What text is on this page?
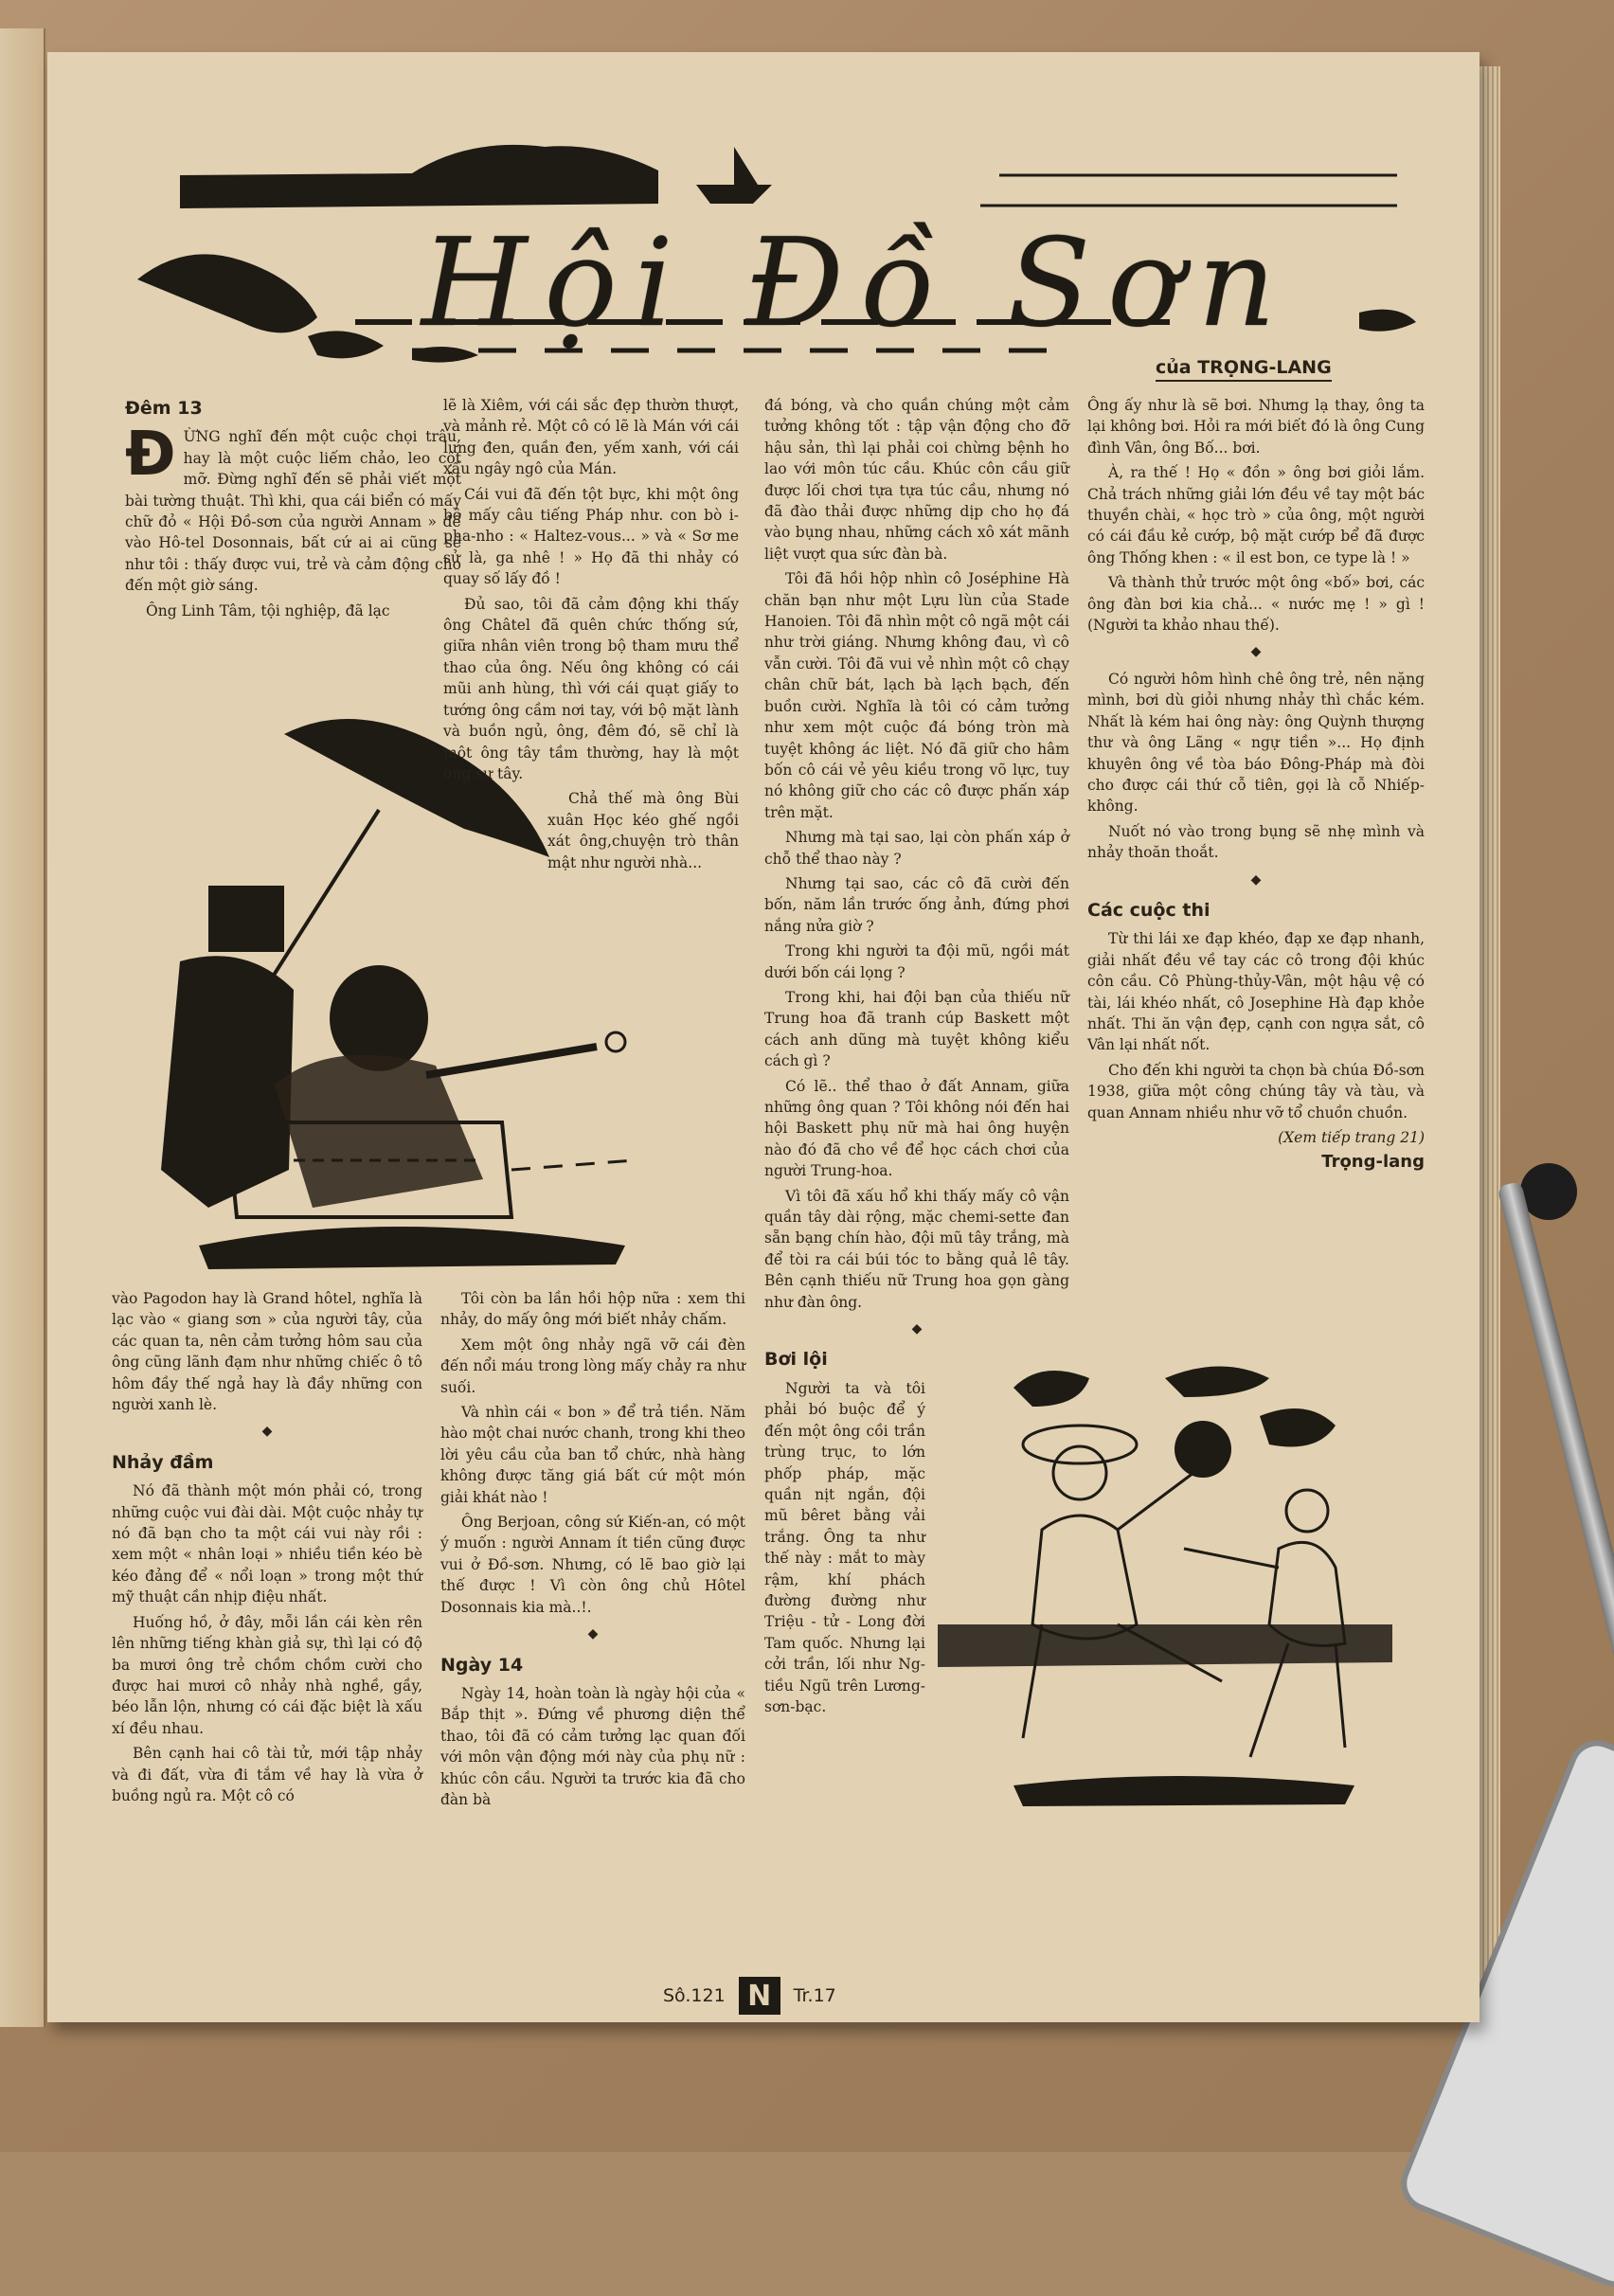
Hội Đồ Sơn
của TRỌNG-LANG
Đêm 13

ĐỪNG nghĩ đến một cuộc chọi trâu, hay là một cuộc liếm chảo, leo cột mỡ. Đừng nghĩ đến sẽ phải viết một bài tường thuật. Thì khi, qua cái biển có mấy chữ đỏ « Hội Đồ-sơn của người Annam » để vào Hô-tel Dosonnais, bất cứ ai ai cũng sẽ như tôi : thấy được vui, trẻ và cảm động cho đến một giờ sáng.

Ông Linh Tâm, tội nghiệp, đã lạc

lẽ là Xiêm, với cái sắc đẹp thườn thượt, và mảnh rẻ. Một cô có lẽ là Mán với cái lưng đen, quần đen, yếm xanh, với cái xấu ngây ngô của Mán.

Cái vui đã đến tột bực, khi một ông bô mấy câu tiếng Pháp như. con bò i-pha-nho : « Haltez-vous... » và « Sơ me sử là, ga nhê ! » Họ đã thi nhảy có quay số lấy đồ !

Đủ sao, tôi đã cảm động khi thấy ông Châtel đã quên chức thống sứ, giữa nhân viên trong bộ tham mưu thể thao của ông. Nếu ông không có cái mũi anh hùng, thì với cái quạt giấy to tướng ông cầm nơi tay, với bộ mặt lành và buồn ngủ, ông, đêm đó, sẽ chỉ là một ông tây tầm thường, hay là một ông sư tây.

Chả thế mà ông Bùi xuân Học kéo ghế ngồi xát ông,chuyện trò thân mật như người nhà...

đá bóng, và cho quần chúng một cảm tưởng không tốt : tập vận động cho đỡ hậu sản, thì lại phải coi chừng bệnh ho lao với môn túc cầu. Khúc côn cầu giữ được lối chơi tựa tựa túc cầu, nhưng nó đã đào thải được những dịp cho họ đá vào bụng nhau, những cách xô xát mãnh liệt vượt qua sức đàn bà.

Tôi đã hồi hộp nhìn cô Joséphine Hà chăn bạn như một Lựu lùn của Stade Hanoien. Tôi đã nhìn một cô ngã một cái như trời giáng. Nhưng không đau, vì cô vẫn cười. Tôi đã vui vẻ nhìn một cô chạy chân chữ bát, lạch bà lạch bạch, đến buồn cười. Nghĩa là tôi có cảm tưởng như xem một cuộc đá bóng tròn mà tuyệt không ác liệt. Nó đã giữ cho hâm bốn cô cái vẻ yêu kiều trong võ lực, tuy nó không giữ cho các cô được phấn xáp trên mặt.

Nhưng mà tại sao, lại còn phấn xáp ở chỗ thể thao này ?

Nhưng tại sao, các cô đã cười đến bốn, năm lần trước ống ảnh, đứng phơi nắng nửa giờ ?

Trong khi người ta đội mũ, ngồi mát dưới bốn cái lọng ?

Trong khi, hai đội bạn của thiếu nữ Trung hoa đã tranh cúp Baskett một cách anh dũng mà tuyệt không kiểu cách gì ?

Có lẽ.. thể thao ở đất Annam, giữa những ông quan ? Tôi không nói đến hai hội Baskett phụ nữ mà hai ông huyện nào đó đã cho về để học cách chơi của người Trung-hoa.

Vì tôi đã xấu hổ khi thấy mấy cô vận quần tây dài rộng, mặc chemi-sette đan sẵn bạng chín hào, đội mũ tây trắng, mà để tòi ra cái búi tóc to bằng quả lê tây. Bên cạnh thiếu nữ Trung hoa gọn gàng như đàn ông.

◆
Bơi lội

Người ta và tôi phải bó buộc để ý đến một ông cồi trần trùng trục, to lớn phốp pháp, mặc quần nịt ngắn, đội mũ bêret bằng vải trắng. Ông ta như thế này : mắt to mày rậm, khí phách đường đường như Triệu - tử - Long đời Tam quốc. Nhưng lại cởi trần, lối như Ng-tiều Ngũ trên Lương-sơn-bạc.

Ông ấy như là sẽ bơi. Nhưng lạ thay, ông ta lại không bơi. Hỏi ra mới biết đó là ông Cung đình Vân, ông Bố... bơi.

À, ra thế ! Họ « đồn » ông bơi giỏi lắm. Chả trách những giải lớn đều về tay một bác thuyền chài, « học trò » của ông, một người có cái đầu kẻ cướp, bộ mặt cướp bể đã được ông Thống khen : « il est bon, ce type là ! »

Và thành thử trước một ông «bố» bơi, các ông đàn bơi kia chả... « nước mẹ ! » gì ! (Người ta khảo nhau thế).

◆

Có người hôm hình chê ông trẻ, nên nặng mình, bơi dù giỏi nhưng nhảy thì chắc kém. Nhất là kém hai ông này: ông Quỳnh thượng thư và ông Lãng « ngự tiền »... Họ định khuyên ông về tòa báo Đông-Pháp mà đòi cho được cái thứ cỗ tiên, gọi là cỗ Nhiếp-không.

Nuốt nó vào trong bụng sẽ nhẹ mình và nhảy thoăn thoắt.

◆
Các cuộc thi

Từ thi lái xe đạp khéo, đạp xe đạp nhanh, giải nhất đều về tay các cô trong đội khúc côn cầu. Cô Phùng-thủy-Vân, một hậu vệ có tài, lái khéo nhất, cô Josephine Hà đạp khỏe nhất. Thi ăn vận đẹp, cạnh con ngựa sắt, cô Vân lại nhất nốt.

Cho đến khi người ta chọn bà chúa Đồ-sơn 1938, giữa một công chúng tây và tàu, và quan Annam nhiều như vỡ tổ chuồn chuồn.

(Xem tiếp trang 21)

Trọng-lang

vào Pagodon hay là Grand hôtel, nghĩa là lạc vào « giang sơn » của người tây, của các quan ta, nên cảm tưởng hôm sau của ông cũng lãnh đạm như những chiếc ô tô hôm đầy thế ngả hay là đầy những con người xanh lè.

◆
Nhảy đầm

Nó đã thành một món phải có, trong những cuộc vui đài dài. Một cuộc nhảy tự nó đã bạn cho ta một cái vui này rồi : xem một « nhân loại » nhiều tiền kéo bè kéo đảng để « nổi loạn » trong một thứ mỹ thuật cần nhịp điệu nhất.

Huống hồ, ở đây, mỗi lần cái kèn rên lên những tiếng khàn giả sự, thì lại có độ ba mươi ông trẻ chồm chồm cười cho được hai mươi cô nhảy nhà nghề, gầy, béo lẫn lộn, nhưng có cái đặc biệt là xấu xí đều nhau.

Bên cạnh hai cô tài tử, mới tập nhảy và đi đất, vừa đi tắm về hay là vừa ở buồng ngủ ra. Một cô có

Tôi còn ba lần hồi hộp nữa : xem thi nhảy, do mấy ông mới biết nhảy chấm.

Xem một ông nhảy ngã vỡ cái đèn đến nổi máu trong lòng mấy chảy ra như suối.

Và nhìn cái « bon » để trả tiền. Năm hào một chai nước chanh, trong khi theo lời yêu cầu của ban tổ chức, nhà hàng không được tăng giá bất cứ một món giải khát nào !

Ông Berjoan, công sứ Kiến-an, có một ý muốn : người Annam ít tiền cũng được vui ở Đồ-sơn. Nhưng, có lẽ bao giờ lại thế được ! Vì còn ông chủ Hôtel Dosonnais kia mà..!.

◆
Ngày 14

Ngày 14, hoàn toàn là ngày hội của « Bắp thịt ». Đứng về phương diện thể thao, tôi đã có cảm tưởng lạc quan đối với môn vận động mới này của phụ nữ : khúc côn cầu. Người ta trước kia đã cho đàn bà

Sô.121 N	Tr.17
